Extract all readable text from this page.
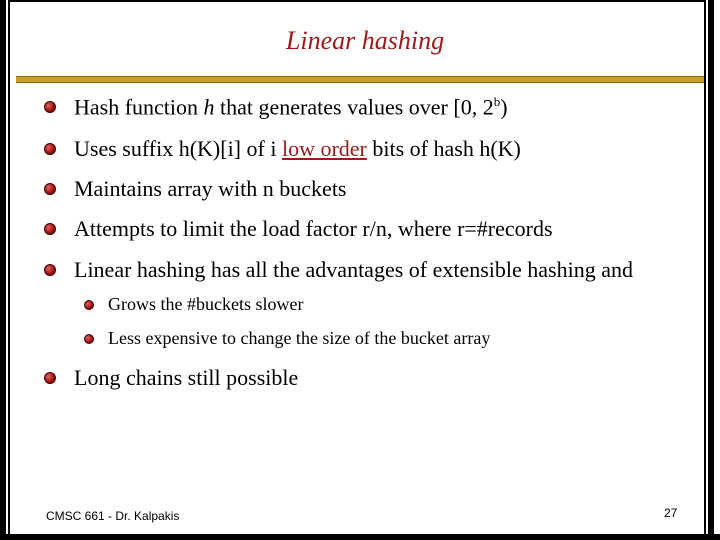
Linear hashing
Hash function h that generates values over [0, 2$^b$)
Uses suffix h(K)[i] of i low order bits of hash h(K)
Maintains array with n buckets
Attempts to limit the load factor r/n, where r=#records
Linear hashing has all the advantages of extensible hashing and
Grows the #buckets slower
Less expensive to change the size of the bucket array
Long chains still possible
CMSC 661 - Dr. Kalpakis	27
